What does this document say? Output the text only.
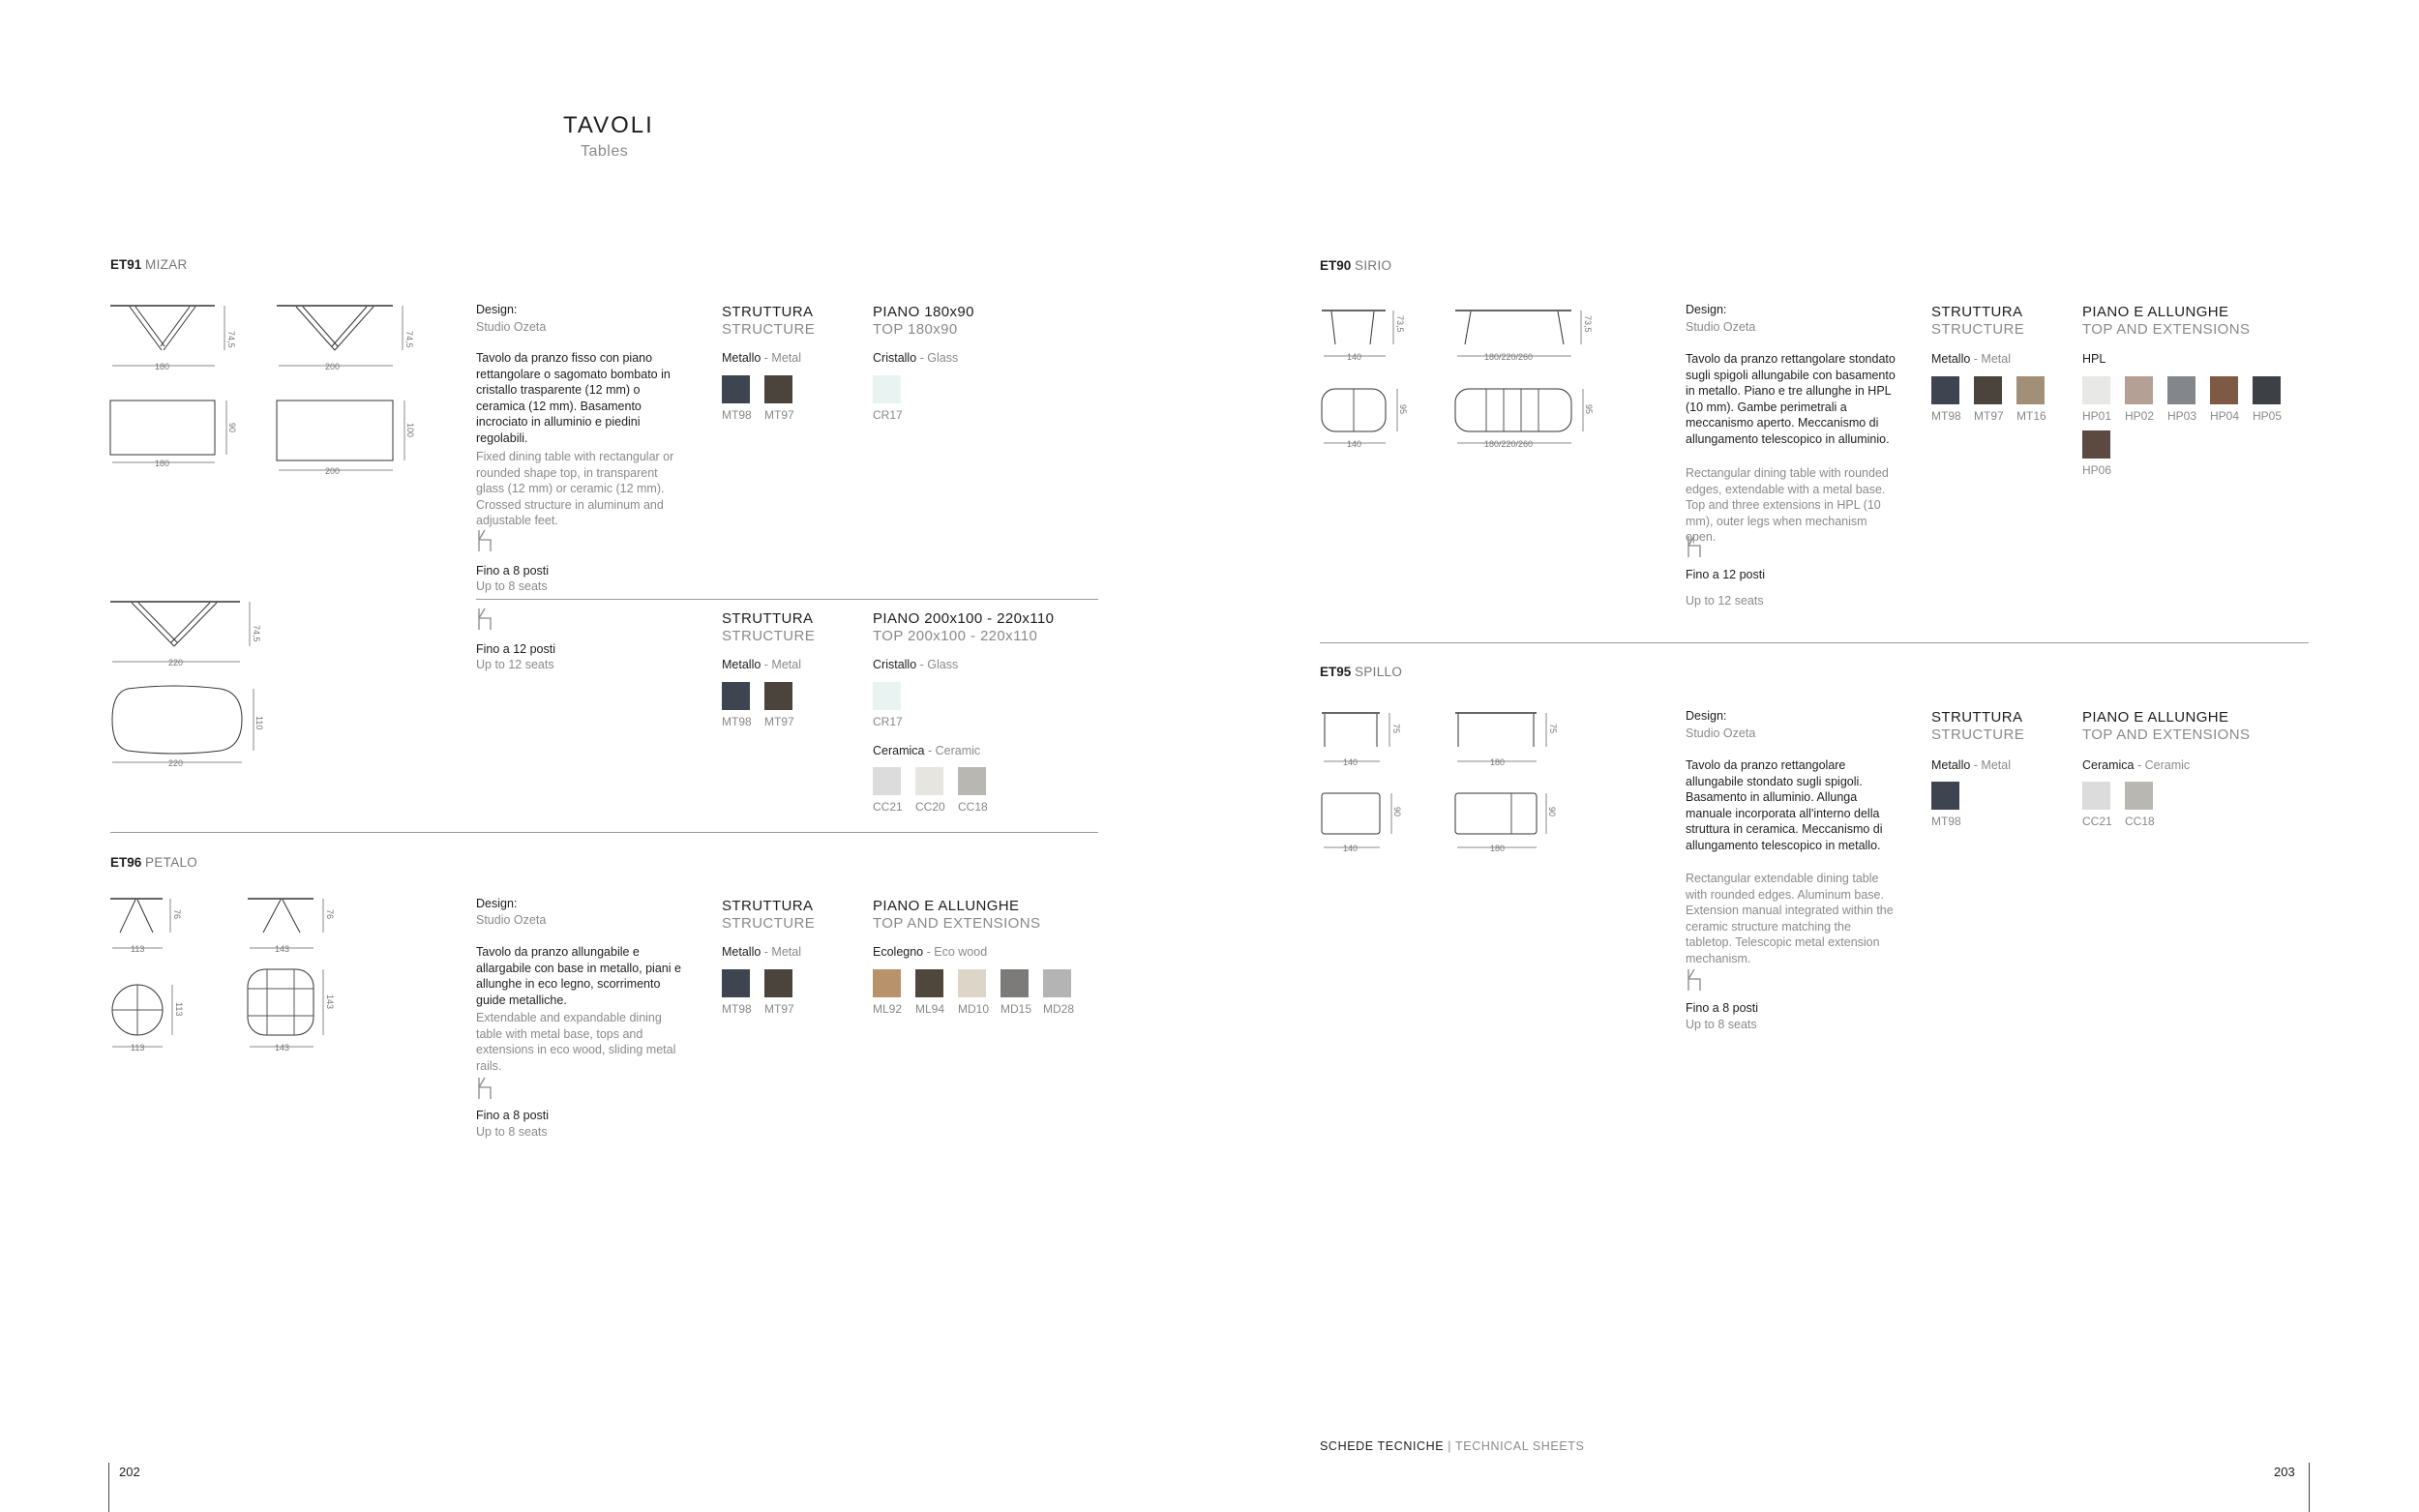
TAVOLI
Tables
ET91 MIZAR
180
74,5
200
74,5
180
90
200
100
Design:
Studio Ozeta
Tavolo da pranzo fisso con piano rettangolare o sagomato bombato in cristallo trasparente (12 mm) o ceramica (12 mm). Basamento incrociato in alluminio e piedini regolabili.
Fixed dining table with rectangular or rounded shape top, in transparent glass (12 mm) or ceramic (12 mm). Crossed structure in aluminum and adjustable feet.
Fino a 8 posti
Up to 8 seats
STRUTTURA
STRUCTURE
Metallo - Metal
MT98	MT97
PIANO 180x90
TOP 180x90
Cristallo - Glass
CR17
220
74,5
220
110
Fino a 12 posti
Up to 12 seats
STRUTTURA
STRUCTURE
Metallo - Metal
MT98	MT97
PIANO 200x100 - 220x110
TOP 200x100 - 220x110
Cristallo - Glass
CR17
Ceramica - Ceramic
CC21	CC20	CC18
ET96 PETALO
113
76
143
76
113
113
143
143
Design:
Studio Ozeta
Tavolo da pranzo allungabile e allargabile con base in metallo, piani e allunghe in eco legno, scorrimento guide metalliche.
Extendable and expandable dining table with metal base, tops and extensions in eco wood, sliding metal rails.
Fino a 8 posti
Up to 8 seats
STRUTTURA
STRUCTURE
Metallo - Metal
MT98	MT97
PIANO E ALLUNGHE
TOP AND EXTENSIONS
Ecolegno - Eco wood
ML92	ML94	MD10 MD15 MD28
ET90 SIRIO
140
73,5
180/220/260
73,5
140
95
180/220/260
95
Design:
Studio Ozeta
Tavolo da pranzo rettangolare stondato sugli spigoli allungabile con basamento in metallo. Piano e tre allunghe in HPL (10 mm). Gambe perimetrali a meccanismo aperto. Meccanismo di allungamento telescopico in alluminio.
Rectangular dining table with rounded edges, extendable with a metal base. Top and three extensions in HPL (10 mm), outer legs when mechanism open.
Fino a 12 posti
Up to 12 seats
STRUTTURA
STRUCTURE
Metallo - Metal
MT98	MT97	MT16
PIANO E ALLUNGHE
TOP AND EXTENSIONS
HPL
HP01	HP02	HP03	HP04	HP05
HP06
ET95 SPILLO
140
75
180
75
140
90
180
90
Design:
Studio Ozeta
Tavolo da pranzo rettangolare allungabile stondato sugli spigoli. Basamento in alluminio. Allunga manuale incorporata all'interno della struttura in ceramica. Meccanismo di allungamento telescopico in metallo.
Rectangular extendable dining table with rounded edges. Aluminum base. Extension manual integrated within the ceramic structure matching the tabletop. Telescopic metal extension mechanism.
Fino a 8 posti
Up to 8 seats
STRUTTURA
STRUCTURE
Metallo - Metal
MT98
PIANO E ALLUNGHE
TOP AND EXTENSIONS
Ceramica - Ceramic
CC21	CC18
SCHEDE TECNICHE | TECHNICAL SHEETS
202	203
